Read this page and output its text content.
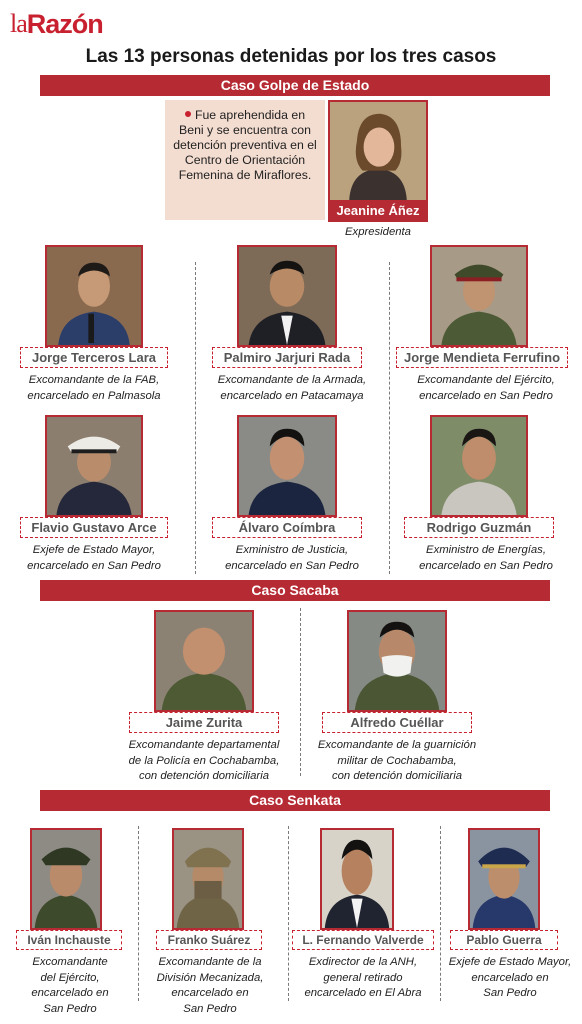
la Razón
Las 13 personas detenidas por los tres casos
Caso Golpe de Estado
Caso Sacaba
Caso Senkata
Fue aprehendida en Beni y se encuentra con detención preventiva en el Centro de Orientación Femenina de Miraflores.
Jeanine Áñez
Expresidenta
Jorge Terceros Lara
Excomandante de la FAB,
encarcelado en Palmasola
Palmiro Jarjuri Rada
Excomandante de la Armada,
encarcelado en Patacamaya
Jorge Mendieta Ferrufino
Excomandante del Ejército,
encarcelado en San Pedro
Flavio Gustavo Arce
Exjefe de Estado Mayor,
encarcelado en San Pedro
Álvaro Coímbra
Exministro de Justicia,
encarcelado en San Pedro
Rodrigo Guzmán
Exministro de Energías,
encarcelado en San Pedro
Jaime Zurita
Excomandante departamental
de la Policía en Cochabamba,
con detención domiciliaria
Alfredo Cuéllar
Excomandante de la guarnición
militar de Cochabamba,
con detención domiciliaria
Iván Inchauste
Excomandante
del Ejército,
encarcelado en
San Pedro
Franko Suárez
Excomandante de la
División Mecanizada,
encarcelado en
San Pedro
L. Fernando Valverde
Exdirector de la ANH,
general retirado
encarcelado en El Abra
Pablo Guerra
Exjefe de Estado Mayor,
encarcelado en
San Pedro
